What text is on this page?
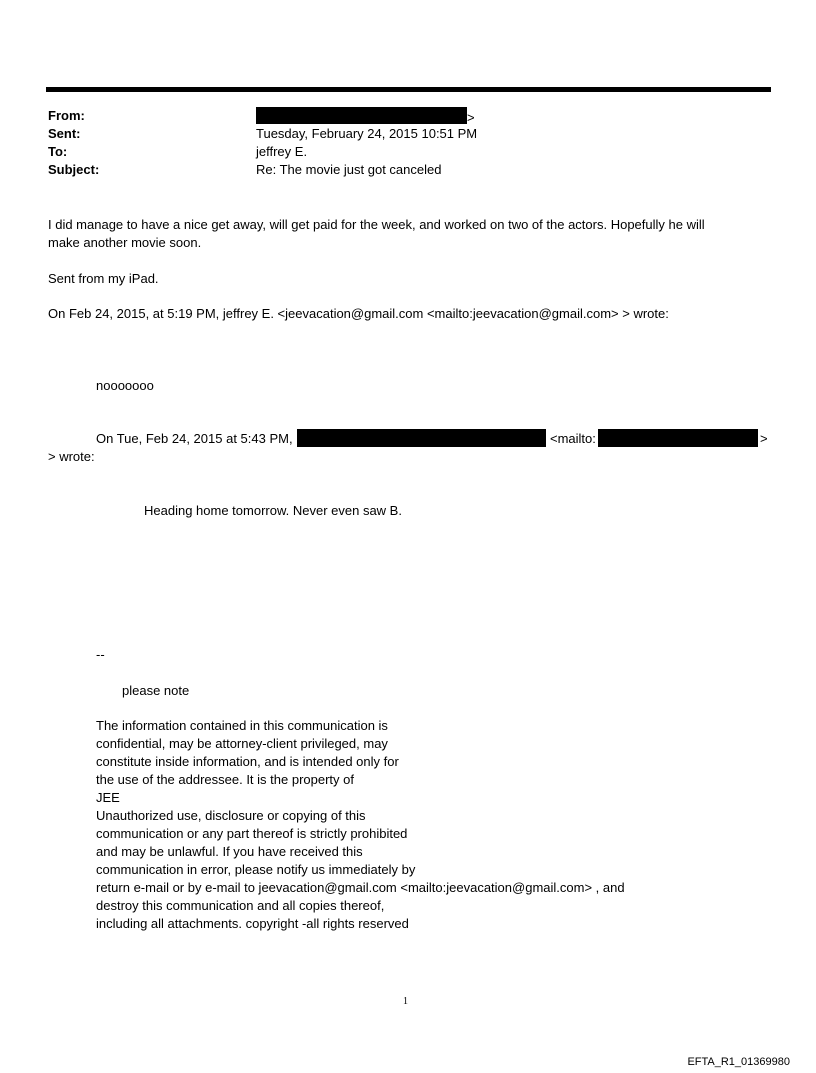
From:	>
Sent:	Tuesday, February 24, 2015 10:51 PM
To:	jeffrey E.
Subject:	Re: The movie just got canceled
I did manage to have a nice get away, will get paid for the week, and worked on two of the actors. Hopefully he will
make another movie soon.
Sent from my iPad.
On Feb 24, 2015, at 5:19 PM, jeffrey E. <jeevacation@gmail.com <mailto:jeevacation@gmail.com> > wrote:
nooooooo
On Tue, Feb 24, 2015 at 5:43 PM,	<mailto:	>
> wrote:
Heading home tomorrow. Never even saw B.
--
please note
The information contained in this communication is
confidential, may be attorney-client privileged, may
constitute inside information, and is intended only for
the use of the addressee. It is the property of
JEE
Unauthorized use, disclosure or copying of this
communication or any part thereof is strictly prohibited
and may be unlawful. If you have received this
communication in error, please notify us immediately by
return e-mail or by e-mail to jeevacation@gmail.com <mailto:jeevacation@gmail.com> , and
destroy this communication and all copies thereof,
including all attachments. copyright -all rights reserved
1
EFTA_R1_01369980
